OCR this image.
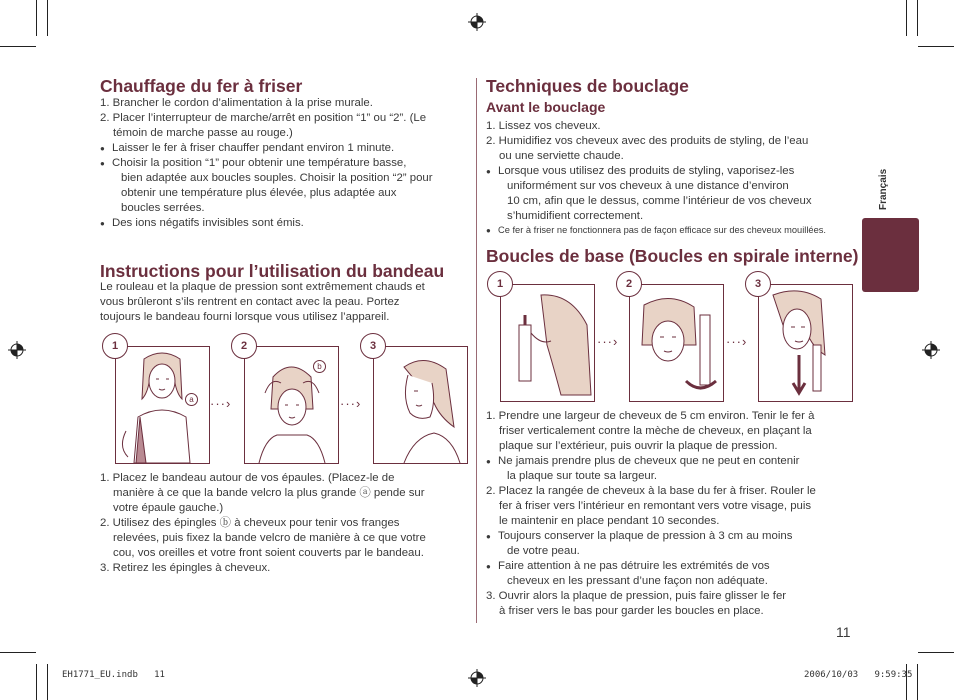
Chauffage du fer à friser
1. Brancher le cordon d’alimentation à la prise murale.
2. Placer l’interrupteur de marche/arrêt en position “1” ou “2”. (Le
témoin de marche passe au rouge.)
● Laisser le fer à friser chauffer pendant environ 1 minute.
● Choisir la position “1” pour obtenir une température basse,
bien adaptée aux boucles souples. Choisir la position “2” pour
obtenir une température plus élevée, plus adaptée aux
boucles serrées.
● Des ions négatifs invisibles sont émis.
Instructions pour l’utilisation du bandeau
Le rouleau et la plaque de pression sont extrêmement chauds et
vous brûleront s’ils rentrent en contact avec la peau. Portez
toujours le bandeau fourni lorsque vous utilisez l’appareil.
a	···›
b
···›
1	2	3
1. Placez le bandeau autour de vos épaules. (Placez-le de
manière à ce que la bande velcro la plus grande ⓐ pende sur
votre épaule gauche.)
2. Utilisez des épingles ⓑ à cheveux pour tenir vos franges
relevées, puis fixez la bande velcro de manière à ce que votre
cou, vos oreilles et votre front soient couverts par le bandeau.
3. Retirez les épingles à cheveux.
Techniques de bouclage
Avant le bouclage
1. Lissez vos cheveux.
2. Humidifiez vos cheveux avec des produits de styling, de l’eau
ou une serviette chaude.
● Lorsque vous utilisez des produits de styling, vaporisez-les
uniformément sur vos cheveux à une distance d’environ
10 cm, afin que le dessus, comme l’intérieur de vos cheveux
s’humidifient correctement.
● Ce fer à friser ne fonctionnera pas de façon efficace sur des cheveux mouillées.
Boucles de base (Boucles en spirale interne)
···›	···›
1	2	3
1. Prendre une largeur de cheveux de 5 cm environ. Tenir le fer à
friser verticalement contre la mèche de cheveux, en plaçant la
plaque sur l’extérieur, puis ouvrir la plaque de pression.
● Ne jamais prendre plus de cheveux que ne peut en contenir
la plaque sur toute sa largeur.
2. Placez la rangée de cheveux à la base du fer à friser. Rouler le
fer à friser vers l’intérieur en remontant vers votre visage, puis
le maintenir en place pendant 10 secondes.
● Toujours conserver la plaque de pression à 3 cm au moins
de votre peau.
● Faire attention à ne pas détruire les extrémités de vos
cheveux en les pressant d’une façon non adéquate.
3. Ouvrir alors la plaque de pression, puis faire glisser le fer
à friser vers le bas pour garder les boucles en place.
Français
11
EH1771_EU.indb   11	2006/10/03   9:59:35
